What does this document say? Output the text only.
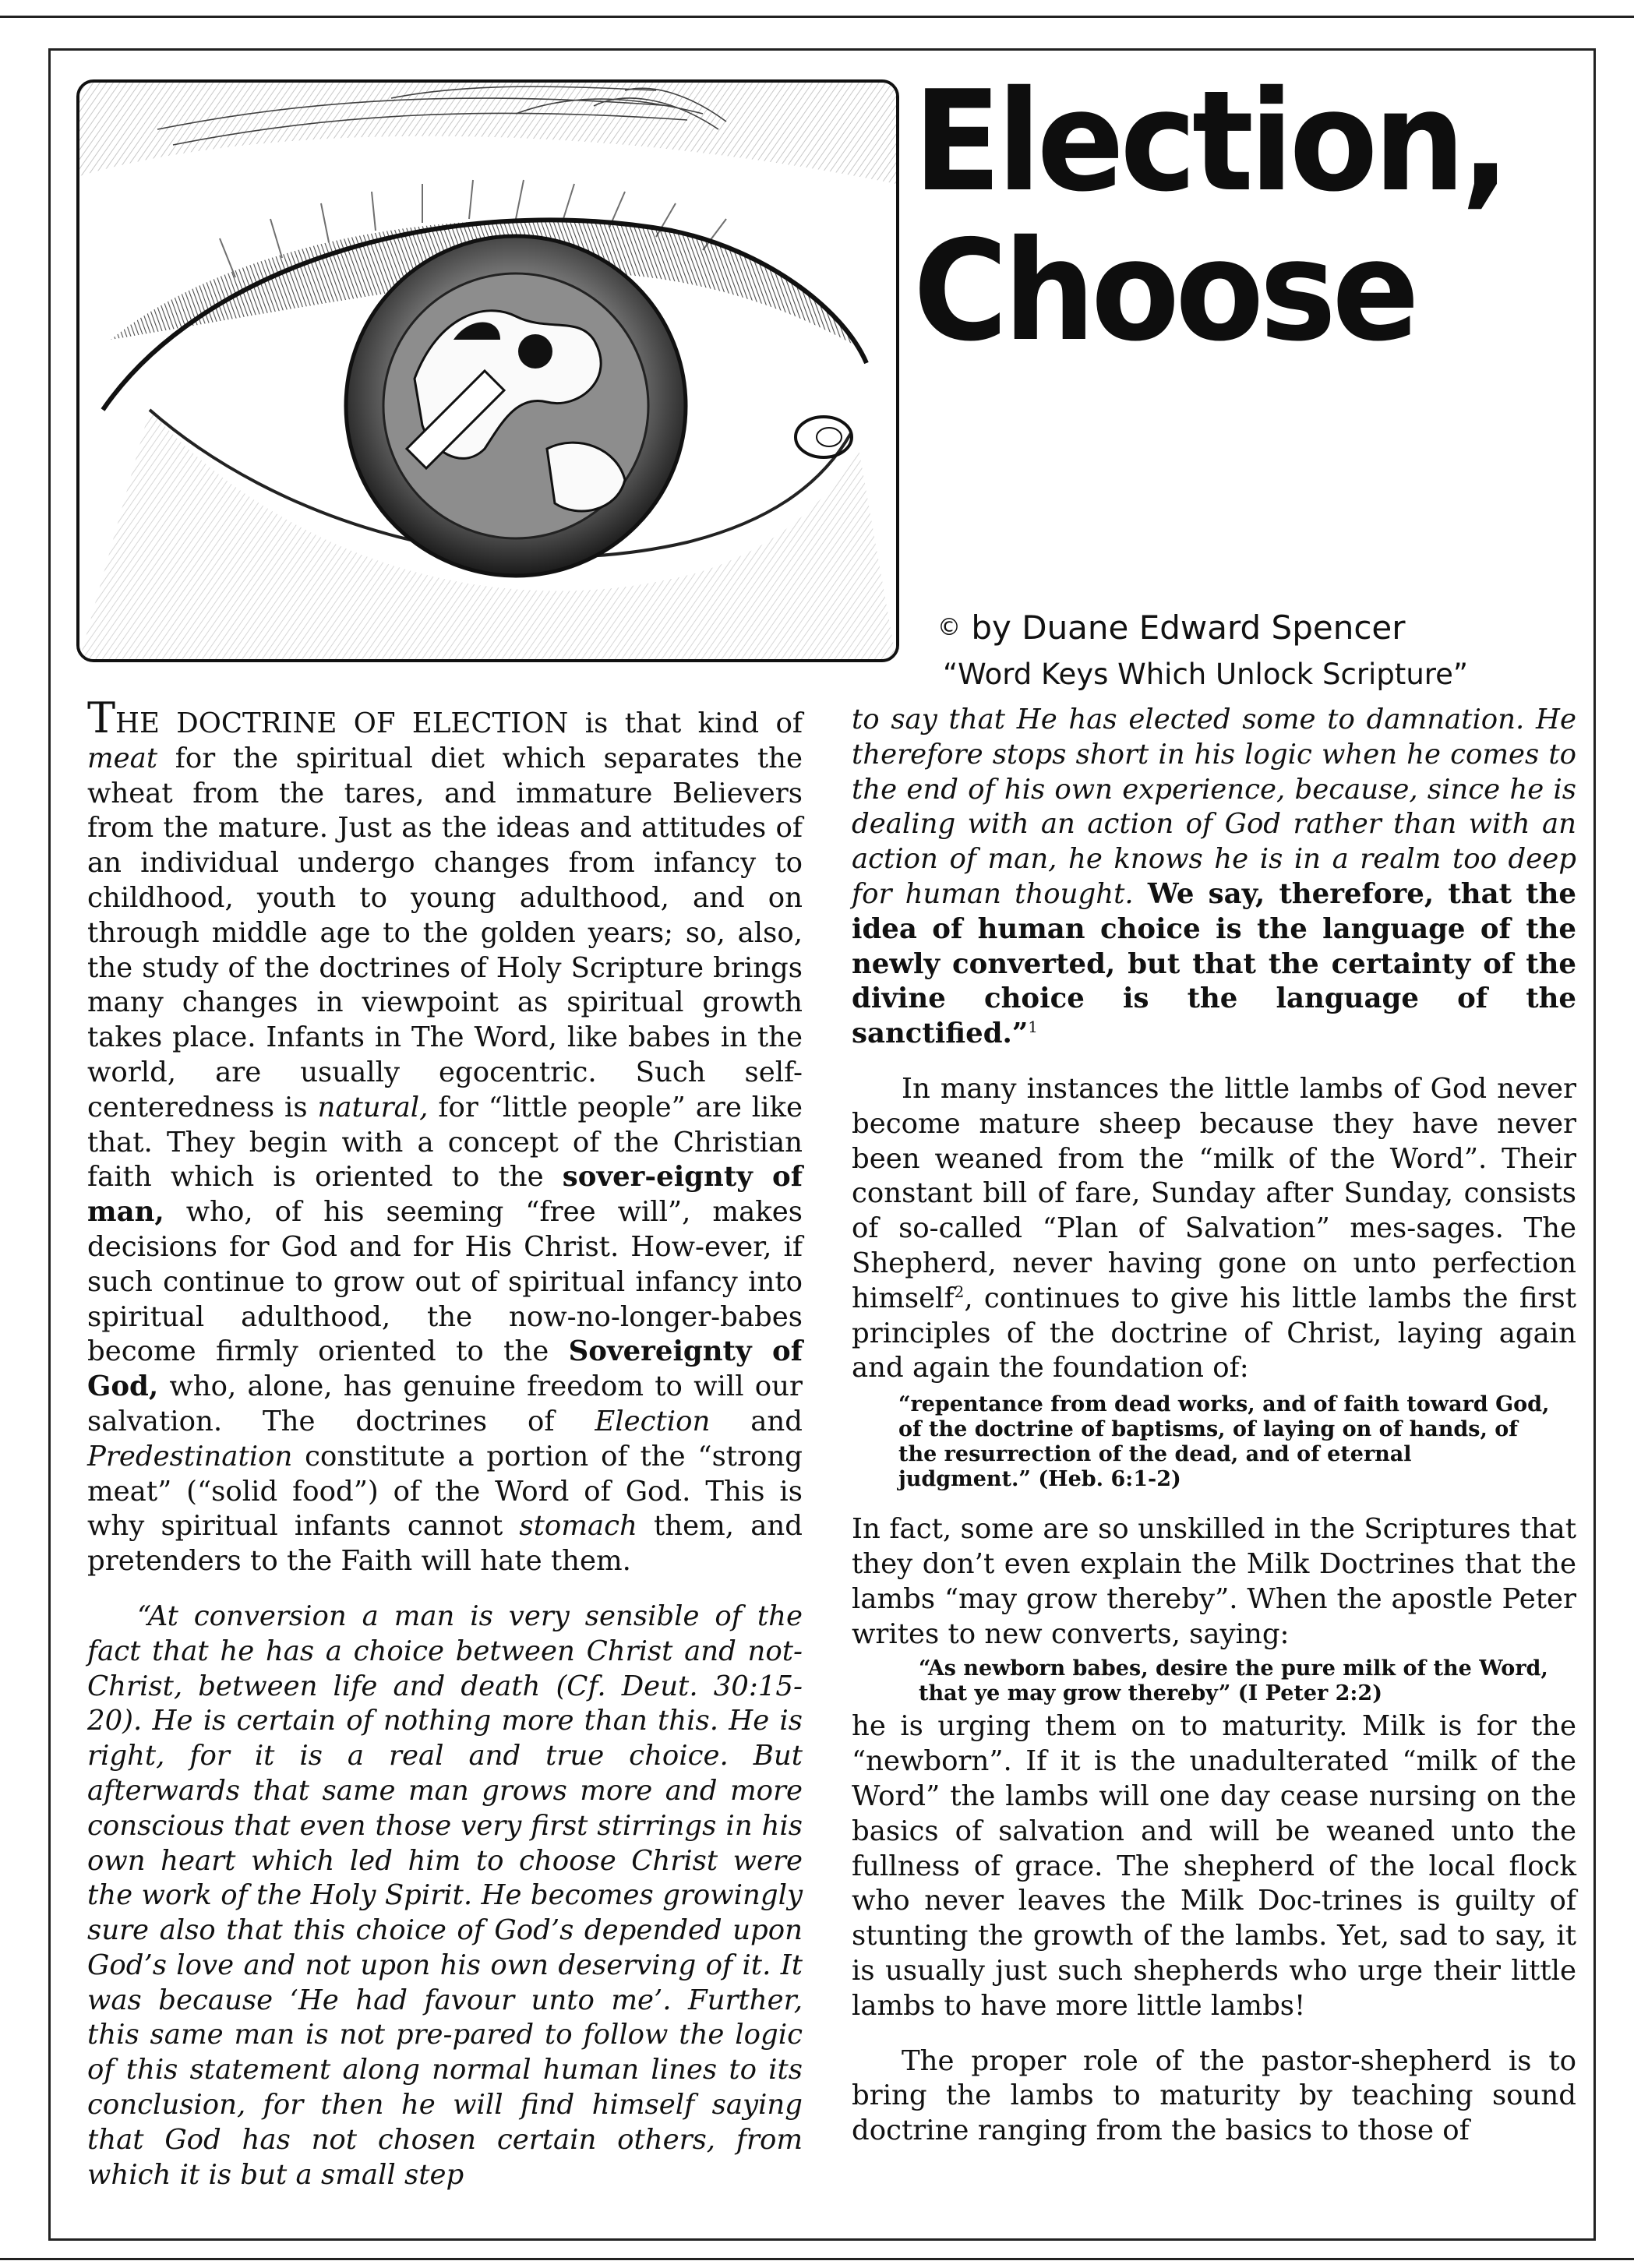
Election,
Choose
© by Duane Edward Spencer
“Word Keys Which Unlock Scripture”

THE DOCTRINE OF ELECTION is that kind of meat for the spiritual diet which separates the wheat from the tares, and immature Believers from the mature. Just as the ideas and attitudes of an individual undergo changes from infancy to childhood, youth to young adulthood, and on through middle age to the golden years; so, also, the study of the doctrines of Holy Scripture brings many changes in viewpoint as spiritual growth takes place. Infants in The Word, like babes in the world, are usually egocentric. Such self-centeredness is natural, for “little people” are like that. They begin with a concept of the Christian faith which is oriented to the sover-eignty of man, who, of his seeming “free will”, makes decisions for God and for His Christ. How-ever, if such continue to grow out of spiritual infancy into spiritual adulthood, the now-no-longer-babes become firmly oriented to the Sovereignty of God, who, alone, has genuine freedom to will our salvation. The doctrines of Election and Predestination constitute a portion of the “strong meat” (“solid food”) of the Word of God. This is why spiritual infants cannot stomach them, and pretenders to the Faith will hate them.

“At conversion a man is very sensible of the fact that he has a choice between Christ and not-Christ, between life and death (Cf. Deut. 30:15-20). He is certain of nothing more than this. He is right, for it is a real and true choice. But afterwards that same man grows more and more conscious that even those very first stirrings in his own heart which led him to choose Christ were the work of the Holy Spirit. He becomes growingly sure also that this choice of God’s depended upon God’s love and not upon his own deserving of it. It was because ‘He had favour unto me’. Further, this same man is not pre-pared to follow the logic of this statement along normal human lines to its conclusion, for then he will find himself saying that God has not chosen certain others, from which it is but a small step

to say that He has elected some to damnation. He therefore stops short in his logic when he comes to the end of his own experience, because, since he is dealing with an action of God rather than with an action of man, he knows he is in a realm too deep for human thought. We say, therefore, that the idea of human choice is the language of the newly converted, but that the certainty of the divine choice is the language of the sanctified.”$^1$

In many instances the little lambs of God never become mature sheep because they have never been weaned from the “milk of the Word”. Their constant bill of fare, Sunday after Sunday, consists of so-called “Plan of Salvation” mes-sages. The Shepherd, never having gone on unto perfection himself$^2$, continues to give his little lambs the first principles of the doctrine of Christ, laying again and again the foundation of:

“repentance from dead works, and of faith toward God, of the doctrine of baptisms, of laying on of hands, of the resurrection of the dead, and of eternal judgment.” (Heb. 6:1-2)

In fact, some are so unskilled in the Scriptures that they don’t even explain the Milk Doctrines that the lambs “may grow thereby”. When the apostle Peter writes to new converts, saying:

“As newborn babes, desire the pure milk of the Word, that ye may grow thereby” (I Peter 2:2)

he is urging them on to maturity. Milk is for the “newborn”. If it is the unadulterated “milk of the Word” the lambs will one day cease nursing on the basics of salvation and will be weaned unto the fullness of grace. The shepherd of the local flock who never leaves the Milk Doc-trines is guilty of stunting the growth of the lambs. Yet, sad to say, it is usually just such shepherds who urge their little lambs to have more little lambs!

The proper role of the pastor-shepherd is to bring the lambs to maturity by teaching sound doctrine ranging from the basics to those of
